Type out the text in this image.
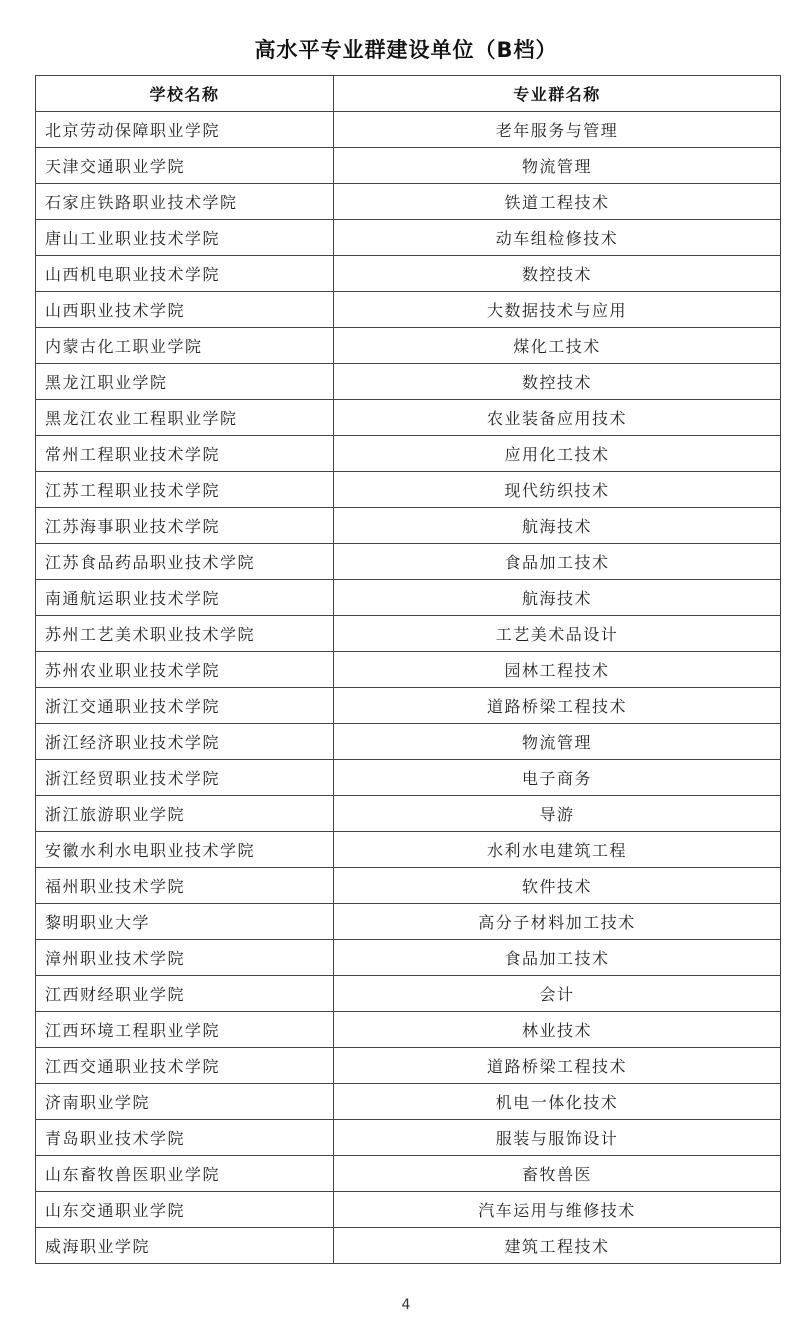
高水平专业群建设单位（B档）
学校名称	专业群名称
北京劳动保障职业学院	老年服务与管理
天津交通职业学院	物流管理
石家庄铁路职业技术学院	铁道工程技术
唐山工业职业技术学院	动车组检修技术
山西机电职业技术学院	数控技术
山西职业技术学院	大数据技术与应用
内蒙古化工职业学院	煤化工技术
黑龙江职业学院	数控技术
黑龙江农业工程职业学院	农业装备应用技术
常州工程职业技术学院	应用化工技术
江苏工程职业技术学院	现代纺织技术
江苏海事职业技术学院	航海技术
江苏食品药品职业技术学院	食品加工技术
南通航运职业技术学院	航海技术
苏州工艺美术职业技术学院	工艺美术品设计
苏州农业职业技术学院	园林工程技术
浙江交通职业技术学院	道路桥梁工程技术
浙江经济职业技术学院	物流管理
浙江经贸职业技术学院	电子商务
浙江旅游职业学院	导游
安徽水利水电职业技术学院	水利水电建筑工程
福州职业技术学院	软件技术
黎明职业大学	高分子材料加工技术
漳州职业技术学院	食品加工技术
江西财经职业学院	会计
江西环境工程职业学院	林业技术
江西交通职业技术学院	道路桥梁工程技术
济南职业学院	机电一体化技术
青岛职业技术学院	服装与服饰设计
山东畜牧兽医职业学院	畜牧兽医
山东交通职业学院	汽车运用与维修技术
威海职业学院	建筑工程技术
4
